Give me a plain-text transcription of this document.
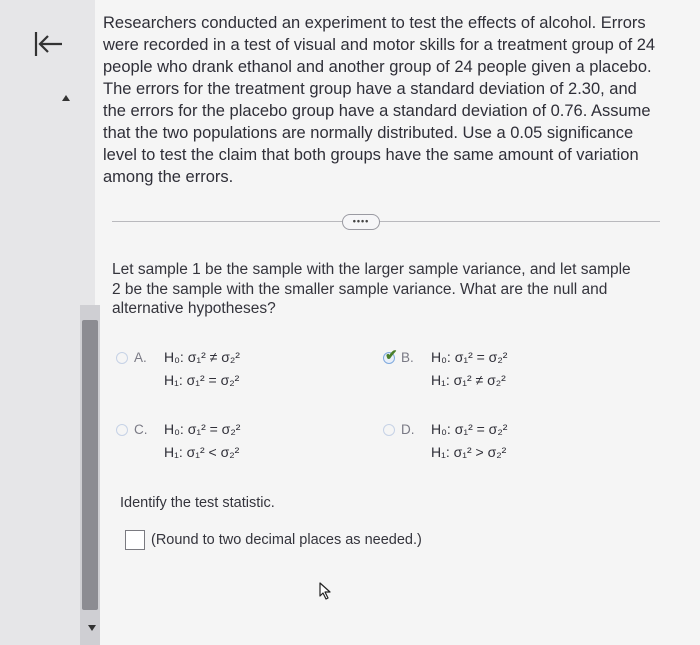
Researchers conducted an experiment to test the effects of alcohol. Errors were recorded in a test of visual and motor skills for a treatment group of 24 people who drank ethanol and another group of 24 people given a placebo. The errors for the treatment group have a standard deviation of 2.30, and the errors for the placebo group have a standard deviation of 0.76. Assume that the two populations are normally distributed. Use a 0.05 significance level to test the claim that both groups have the same amount of variation among the errors.
••••
Let sample 1 be the sample with the larger sample variance, and let sample 2 be the sample with the smaller sample variance. What are the null and alternative hypotheses?
A. H₀: σ₁² ≠ σ₂²
H₁: σ₁² = σ₂²
✔ B. H₀: σ₁² = σ₂²
H₁: σ₁² ≠ σ₂²
C. H₀: σ₁² = σ₂²
H₁: σ₁² < σ₂²
D. H₀: σ₁² = σ₂²
H₁: σ₁² > σ₂²
Identify the test statistic.
(Round to two decimal places as needed.)
